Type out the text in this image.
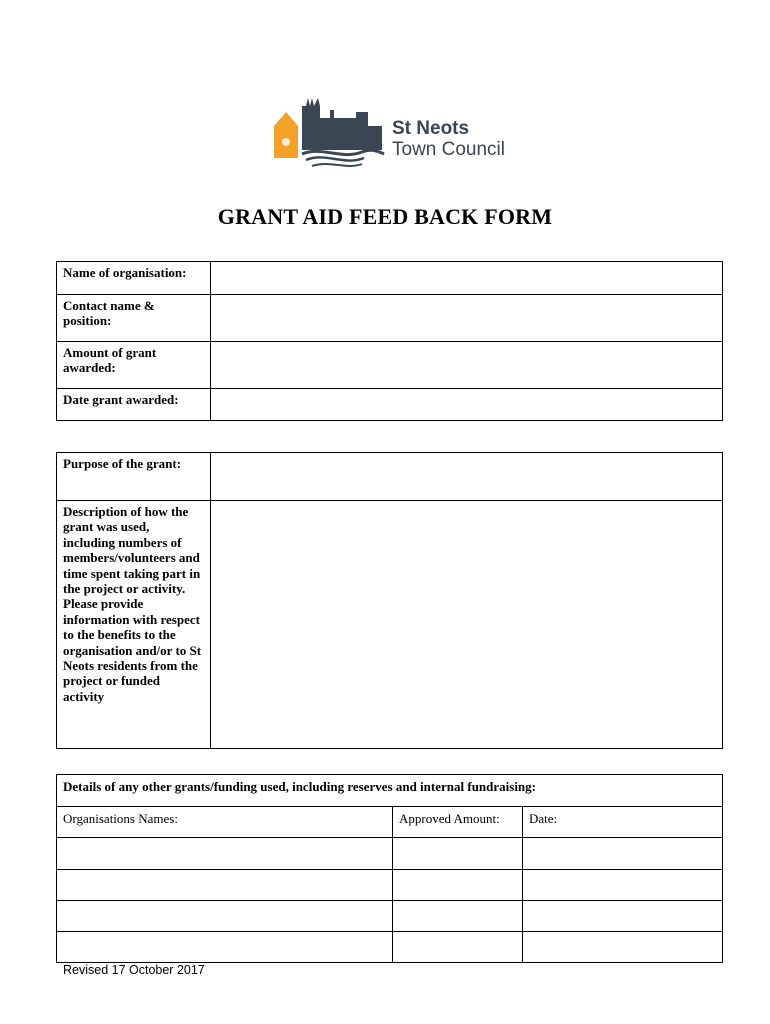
St Neots
Town Council
GRANT AID FEED BACK FORM
Name of organisation:	

Contact name & position:	

Amount of grant awarded:	

Date grant awarded:	

Purpose of the grant:	

Description of how the grant was used, including numbers of members/volunteers and time spent taking part in the project or activity. Please provide information with respect to the benefits to the organisation and/or to St Neots residents from the project or funded activity	

Details of any other grants/funding used, including reserves and internal fundraising:		

Organisations Names:	Approved Amount:	Date:

Revised 17 October 2017
